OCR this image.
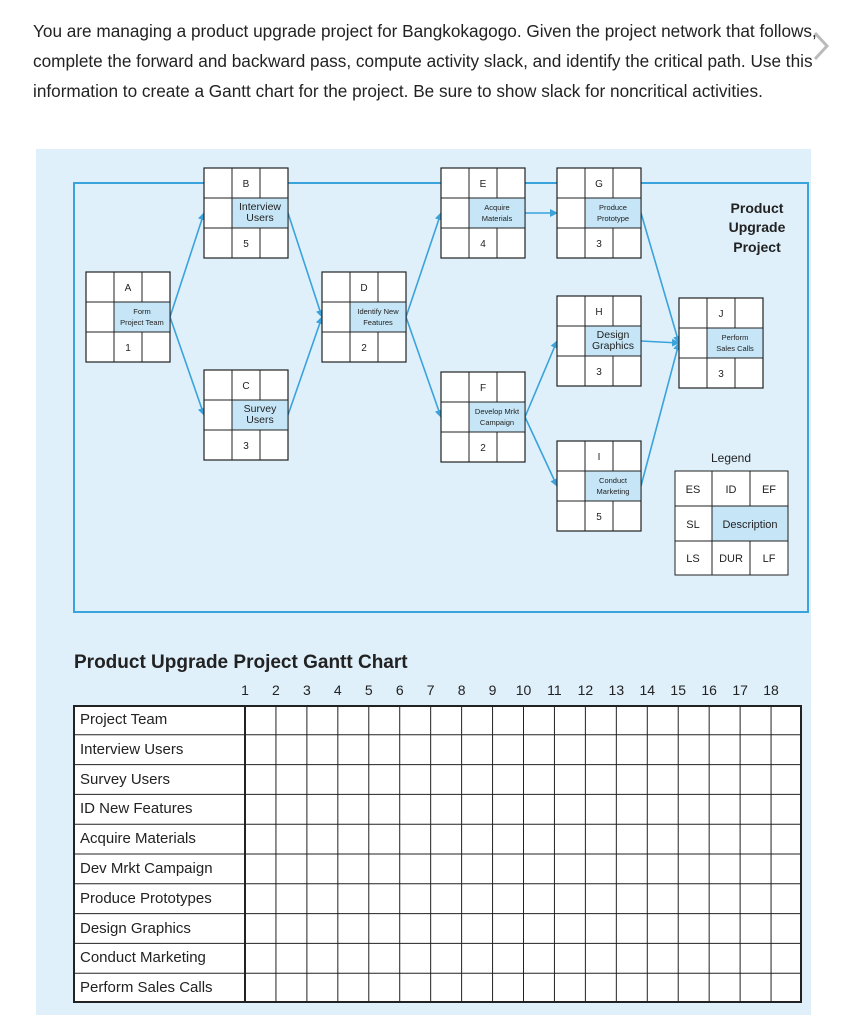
You are managing a product upgrade project for Bangkokagogo. Given the project network that follows, complete the forward and backward pass, compute activity slack, and identify the critical path. Use this information to create a Gantt chart for the project. Be sure to show slack for noncritical activities.

A
Form
Project Team
1
B
Interview
Users
5
C
Survey
Users
3
D
Identify New
Features
2
E
Acquire
Materials
4
F
Develop Mrkt
Campaign
2
G
Produce
Prototype
3
H
Design
Graphics
3
I
Conduct
Marketing
5
J
Perform
Sales Calls
3
Product
Upgrade
Project
Legend
ES ID EF
SL Description
LS DUR LF
Product Upgrade Project Gantt Chart
1	2	3	4	5	6	7	8	9	10	11	12	13	14	15	16	17	18
Project Team
Interview Users
Survey Users
ID New Features
Acquire Materials
Dev Mrkt Campaign
Produce Prototypes
Design Graphics
Conduct Marketing
Perform Sales Calls
